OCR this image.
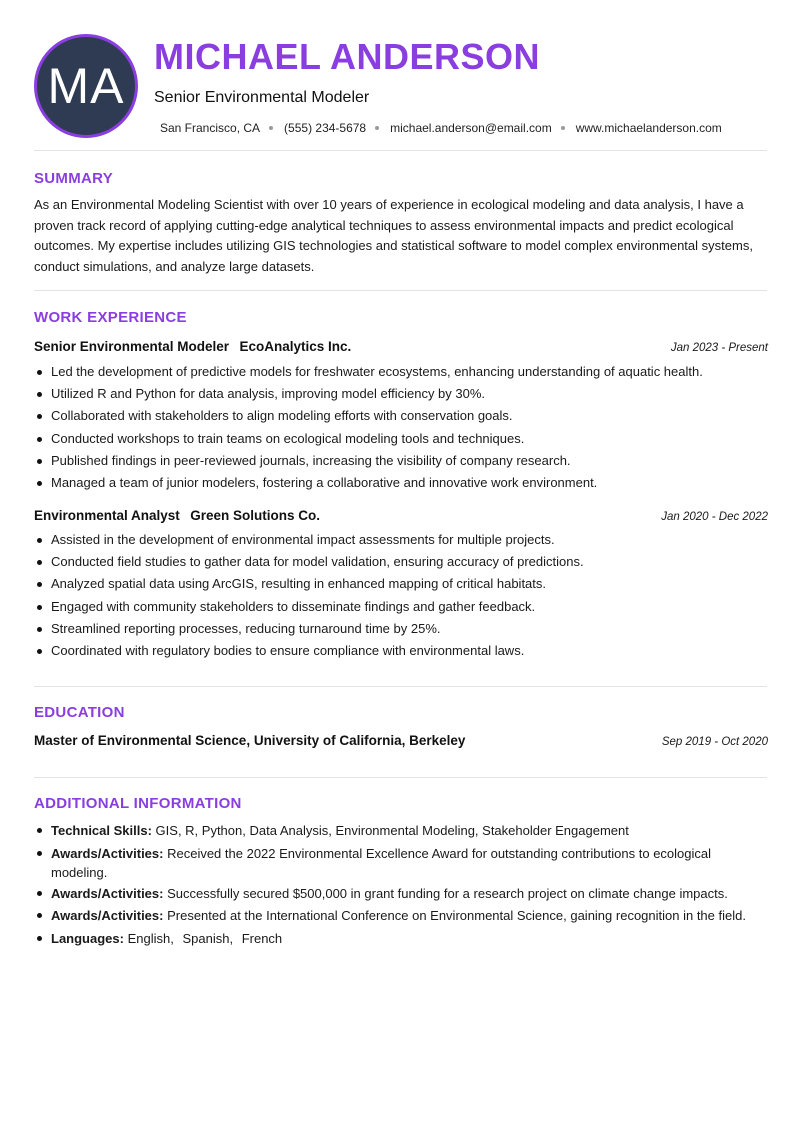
MA
MICHAEL ANDERSON
Senior Environmental Modeler
San Francisco, CA (555) 234-5678 michael.anderson@email.com www.michaelanderson.com
SUMMARY

As an Environmental Modeling Scientist with over 10 years of experience in ecological modeling and data analysis, I have a proven track record of applying cutting-edge analytical techniques to assess environmental impacts and predict ecological outcomes. My expertise includes utilizing GIS technologies and statistical software to model complex environmental systems, conduct simulations, and analyze large datasets.

WORK EXPERIENCE
Senior Environmental Modeler EcoAnalytics Inc.	Jan 2023 - Present
Led the development of predictive models for freshwater ecosystems, enhancing understanding of aquatic health.
Utilized R and Python for data analysis, improving model efficiency by 30%.
Collaborated with stakeholders to align modeling efforts with conservation goals.
Conducted workshops to train teams on ecological modeling tools and techniques.
Published findings in peer-reviewed journals, increasing the visibility of company research.
Managed a team of junior modelers, fostering a collaborative and innovative work environment.
Environmental Analyst Green Solutions Co.	Jan 2020 - Dec 2022
Assisted in the development of environmental impact assessments for multiple projects.
Conducted field studies to gather data for model validation, ensuring accuracy of predictions.
Analyzed spatial data using ArcGIS, resulting in enhanced mapping of critical habitats.
Engaged with community stakeholders to disseminate findings and gather feedback.
Streamlined reporting processes, reducing turnaround time by 25%.
Coordinated with regulatory bodies to ensure compliance with environmental laws.
EDUCATION
Master of Environmental Science, University of California, Berkeley	Sep 2019 - Oct 2020
ADDITIONAL INFORMATION
Technical Skills: GIS, R, Python, Data Analysis, Environmental Modeling, Stakeholder Engagement
Awards/Activities: Received the 2022 Environmental Excellence Award for outstanding contributions to ecological modeling.
Awards/Activities: Successfully secured $500,000 in grant funding for a research project on climate change impacts.
Awards/Activities: Presented at the International Conference on Environmental Science, gaining recognition in the field.
Languages: English, Spanish, French
